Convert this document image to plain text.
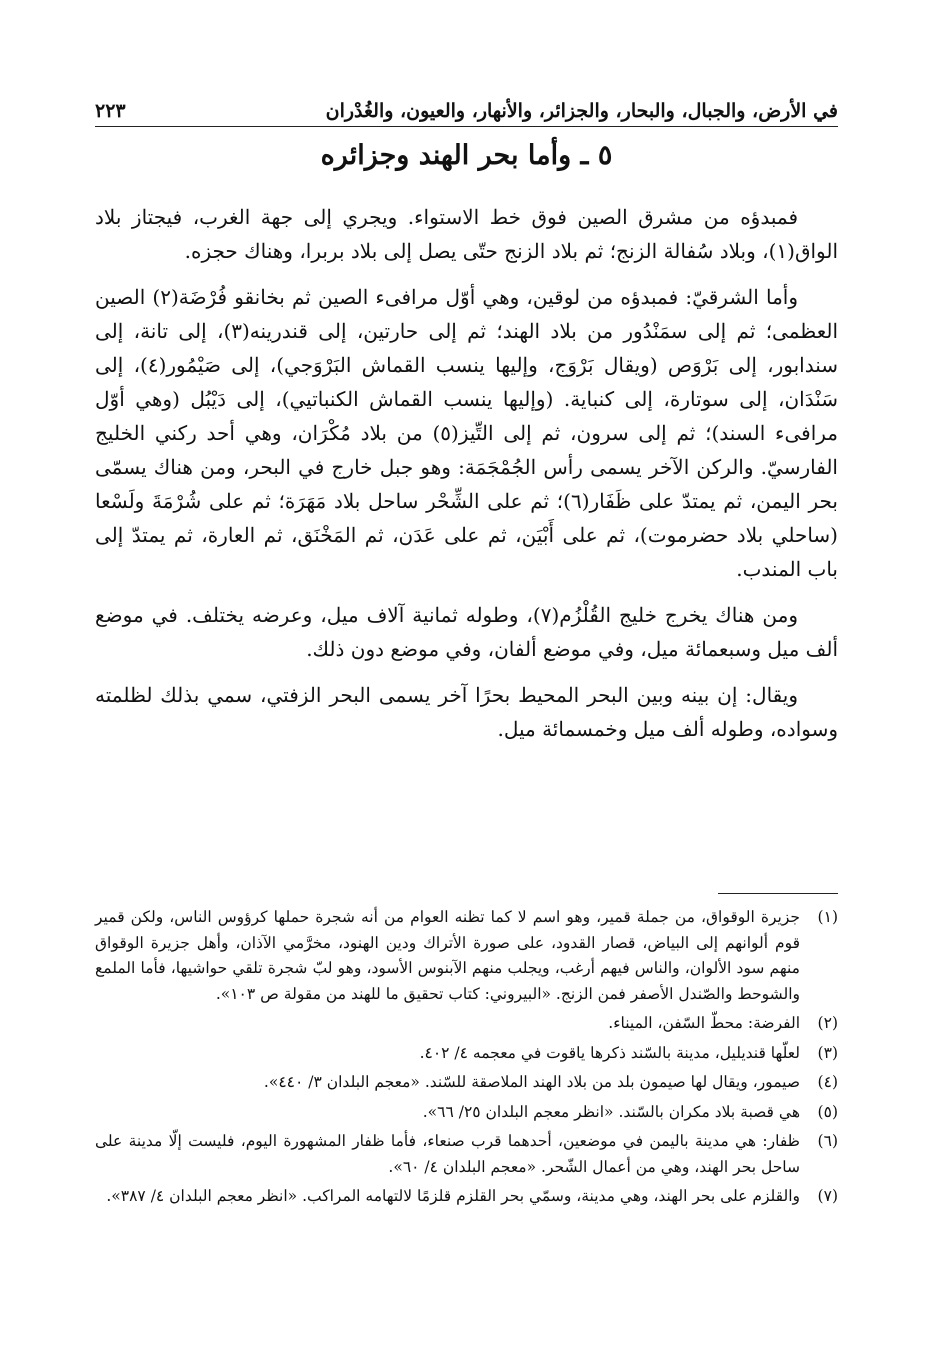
في الأرض، والجبال، والبحار، والجزائر، والأنهار، والعيون، والغُدْران
٢٢٣
٥ ـ وأما بحر الهند وجزائره

فمبدؤه من مشرق الصين فوق خط الاستواء. ويجري إلى جهة الغرب، فيجتاز بلاد الواق(١)، وبلاد سُفالة الزنج؛ ثم بلاد الزنج حتّى يصل إلى بلاد بربرا، وهناك حجزه.

وأما الشرقيّ: فمبدؤه من لوقين، وهي أوّل مرافىء الصين ثم بخانقو فُرْضَة(٢) الصين العظمى؛ ثم إلى سمَنْدُور من بلاد الهند؛ ثم إلى حارتين، إلى قندرينه(٣)، إلى تانة، إلى سندابور، إلى بَرْوَص (ويقال بَرْوَج، وإليها ينسب القماش البَرْوَجي)، إلى صَيْمُور(٤)، إلى سَنْدَان، إلى سوتارة، إلى كنباية. (وإليها ينسب القماش الكنباتيي)، إلى دَيْبُل (وهي أوّل مرافىء السند)؛ ثم إلى سرون، ثم إلى التِّيز(٥) من بلاد مُكْرَان، وهي أحد ركني الخليج الفارسيّ. والركن الآخر يسمى رأس الجُمْجَمَة: وهو جبل خارج في البحر، ومن هناك يسمّى بحر اليمن، ثم يمتدّ على ظَفَار(٦)؛ ثم على الشِّحْر ساحل بلاد مَهَرَة؛ ثم على شُرْمَةَ ولَسْعا (ساحلي بلاد حضرموت)، ثم على أَبْيَن، ثم على عَدَن، ثم المَخْنَق، ثم العارة، ثم يمتدّ إلى باب المندب.

ومن هناك يخرج خليج القُلْزُم(٧)، وطوله ثمانية آلاف ميل، وعرضه يختلف. في موضع ألف ميل وسبعمائة ميل، وفي موضع ألفان، وفي موضع دون ذلك.

ويقال: إن بينه وبين البحر المحيط بحرًا آخر يسمى البحر الزفتي، سمي بذلك لظلمته وسواده، وطوله ألف ميل وخمسمائة ميل.

(١)
جزيرة الوقواق، من جملة قمير، وهو اسم لا كما تظنه العوام من أنه شجرة حملها كرؤوس الناس، ولكن قمير قوم ألوانهم إلى البياض، قصار القدود، على صورة الأتراك ودين الهنود، مخرَّمي الآذان، وأهل جزيرة الوقواق منهم سود الألوان، والناس فيهم أرغب، ويجلب منهم الآبنوس الأسود، وهو لبّ شجرة تلقي حواشيها، فأما الملمع والشوحط والصّندل الأصفر فمن الزنج. «البيروني: كتاب تحقيق ما للهند من مقولة ص ١٠٣».
(٢)
الفرضة: محطّ السّفن، الميناء.
(٣)
لعلّها قنديليل، مدينة بالسّند ذكرها ياقوت في معجمه ٤/ ٤٠٢.
(٤)
صيمور، ويقال لها صيمون بلد من بلاد الهند الملاصقة للسّند. «معجم البلدان ٣/ ٤٤٠».
(٥)
هي قصبة بلاد مكران بالسّند. «انظر معجم البلدان ٢٥/ ٦٦».
(٦)
ظفار: هي مدينة باليمن في موضعين، أحدهما قرب صنعاء، فأما ظفار المشهورة اليوم، فليست إلّا مدينة على ساحل بحر الهند، وهي من أعمال الشّحر. «معجم البلدان ٤/ ٦٠».
(٧)
والقلزم على بحر الهند، وهي مدينة، وسمّي بحر القلزم قلزمًا لالتهامه المراكب. «انظر معجم البلدان ٤/ ٣٨٧».
